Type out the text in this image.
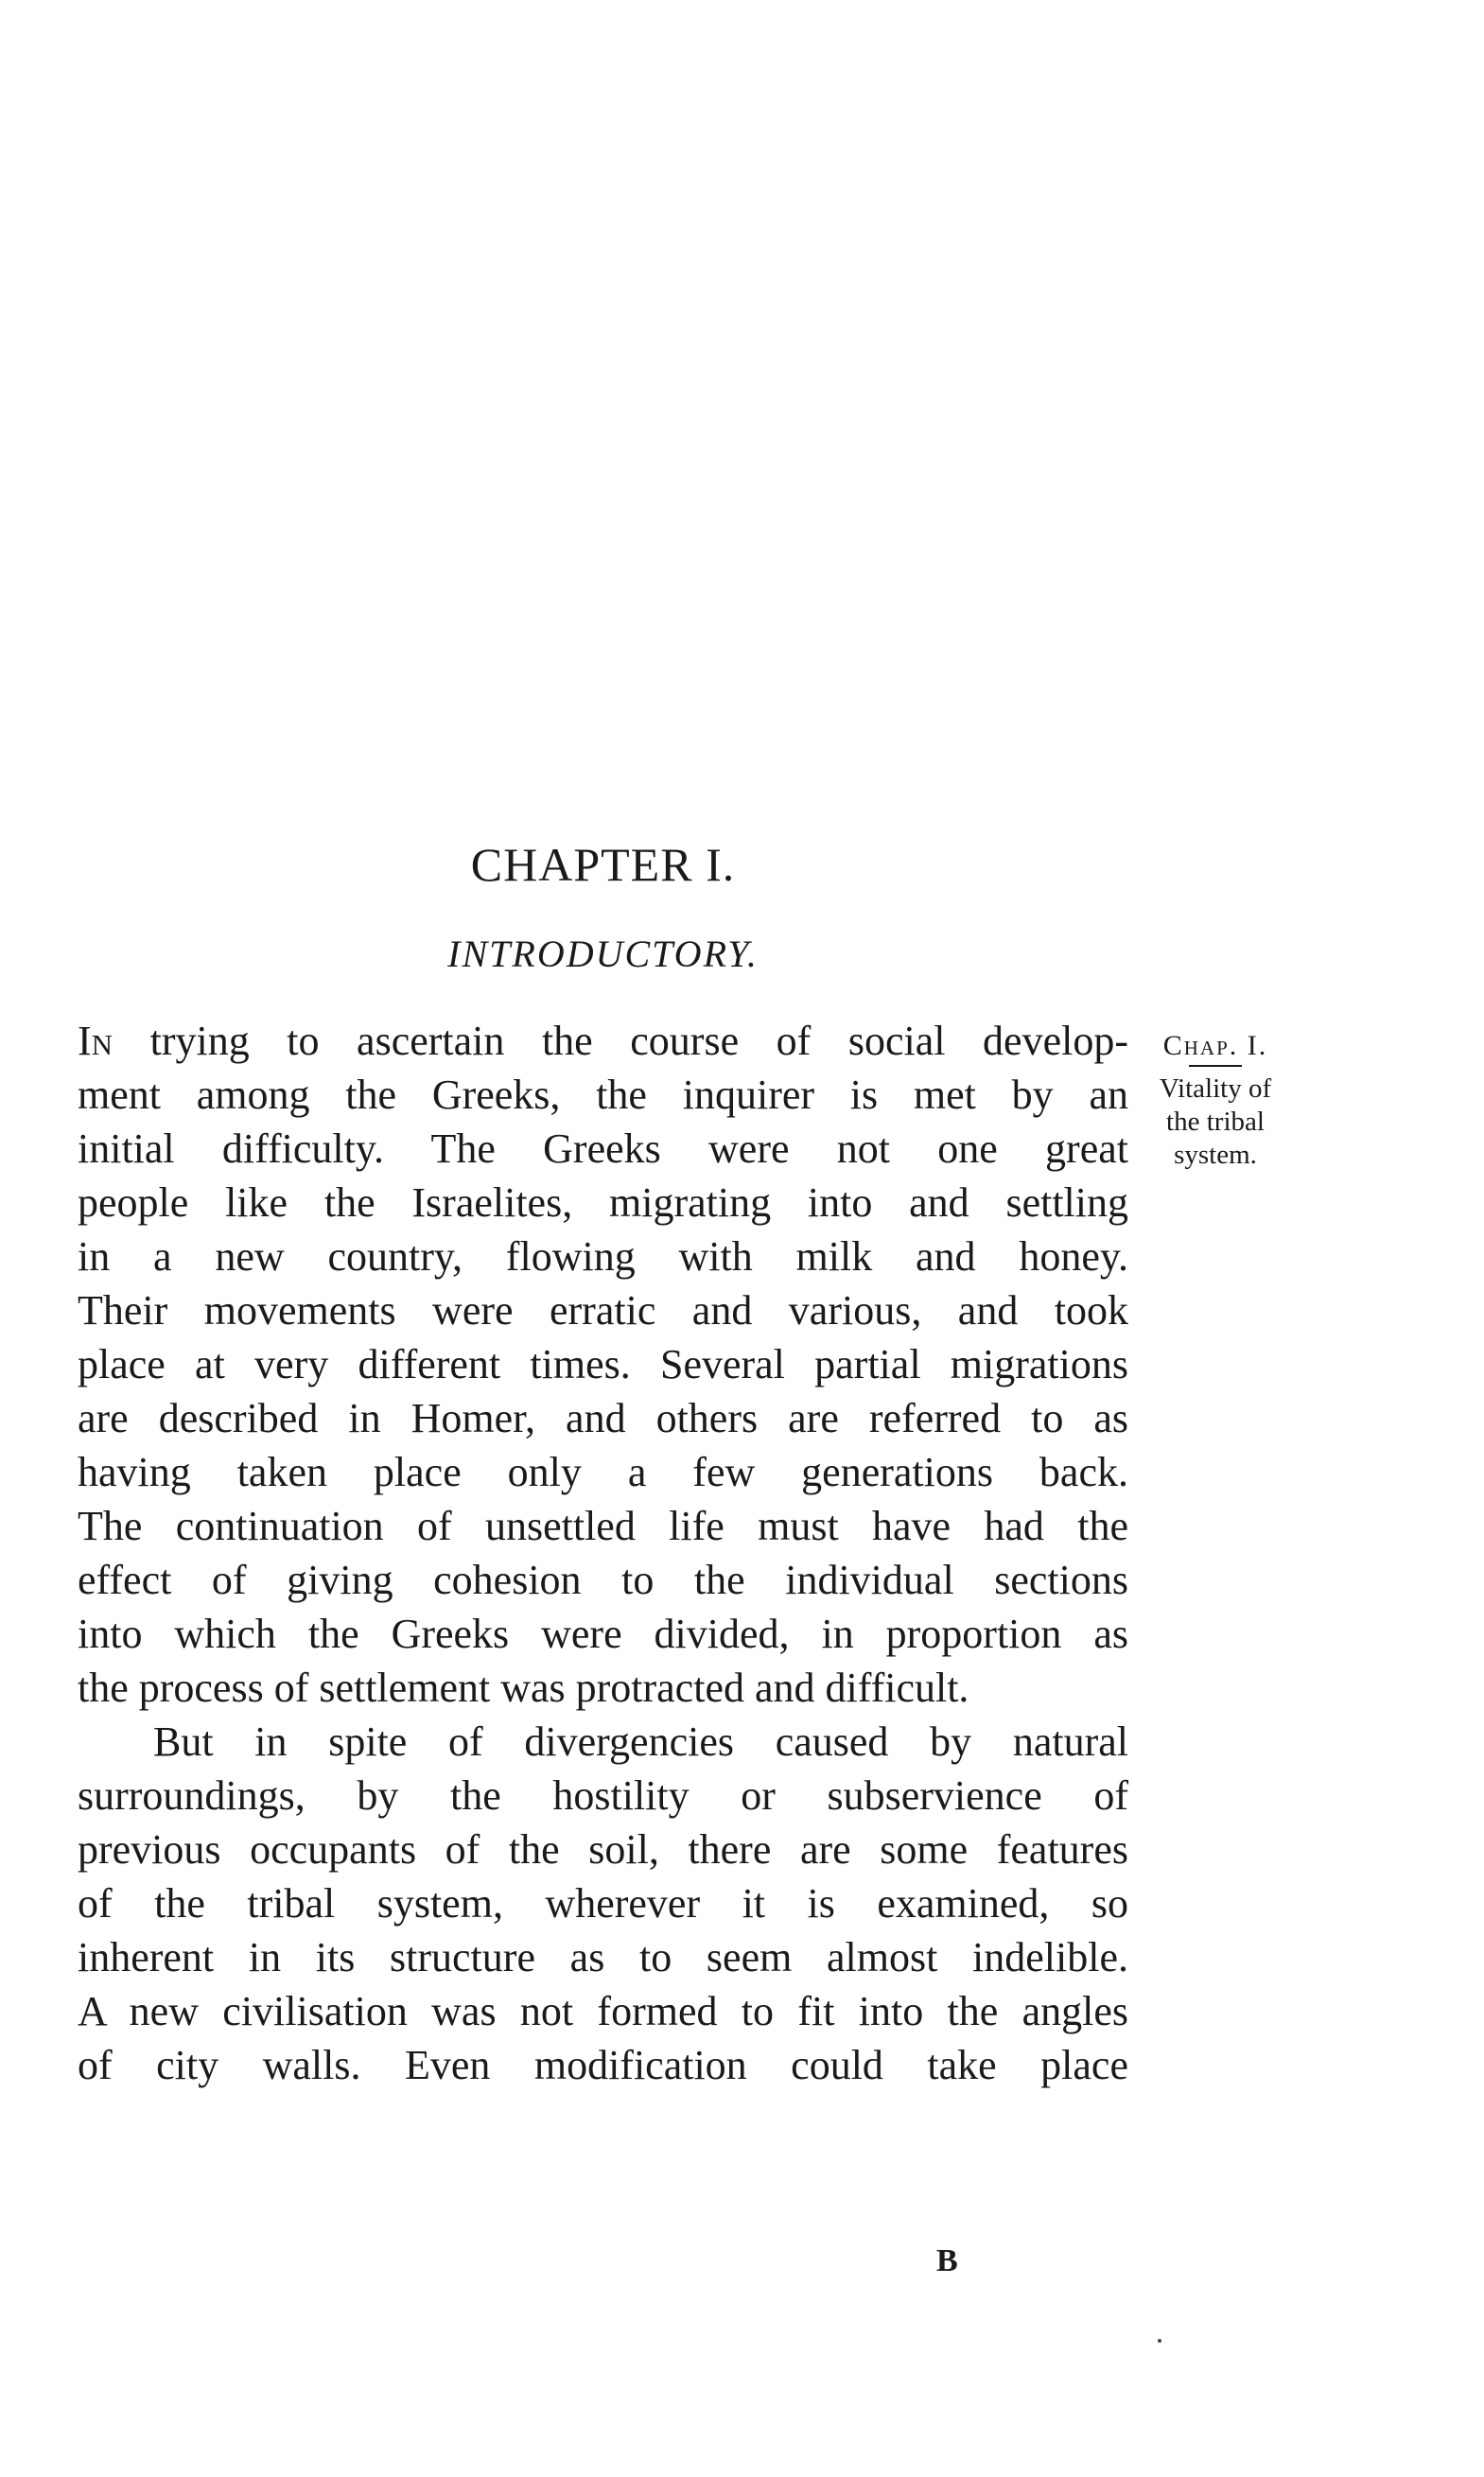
CHAPTER I.
INTRODUCTORY.
In trying to ascertain the course of social develop-
ment among the Greeks, the inquirer is met by an
initial difficulty. The Greeks were not one great
people like the Israelites, migrating into and settling
in a new country, flowing with milk and honey.
Their movements were erratic and various, and took
place at very different times. Several partial migrations
are described in Homer, and others are referred to as
having taken place only a few generations back.
The continuation of unsettled life must have had the
effect of giving cohesion to the individual sections
into which the Greeks were divided, in proportion as
the process of settlement was protracted and difficult.
But in spite of divergencies caused by natural
surroundings, by the hostility or subservience of
previous occupants of the soil, there are some features
of the tribal system, wherever it is examined, so
inherent in its structure as to seem almost indelible.
A new civilisation was not formed to fit into the angles
of city walls. Even modification could take place
Chap. I.
Vitality of
the tribal
system.
B
